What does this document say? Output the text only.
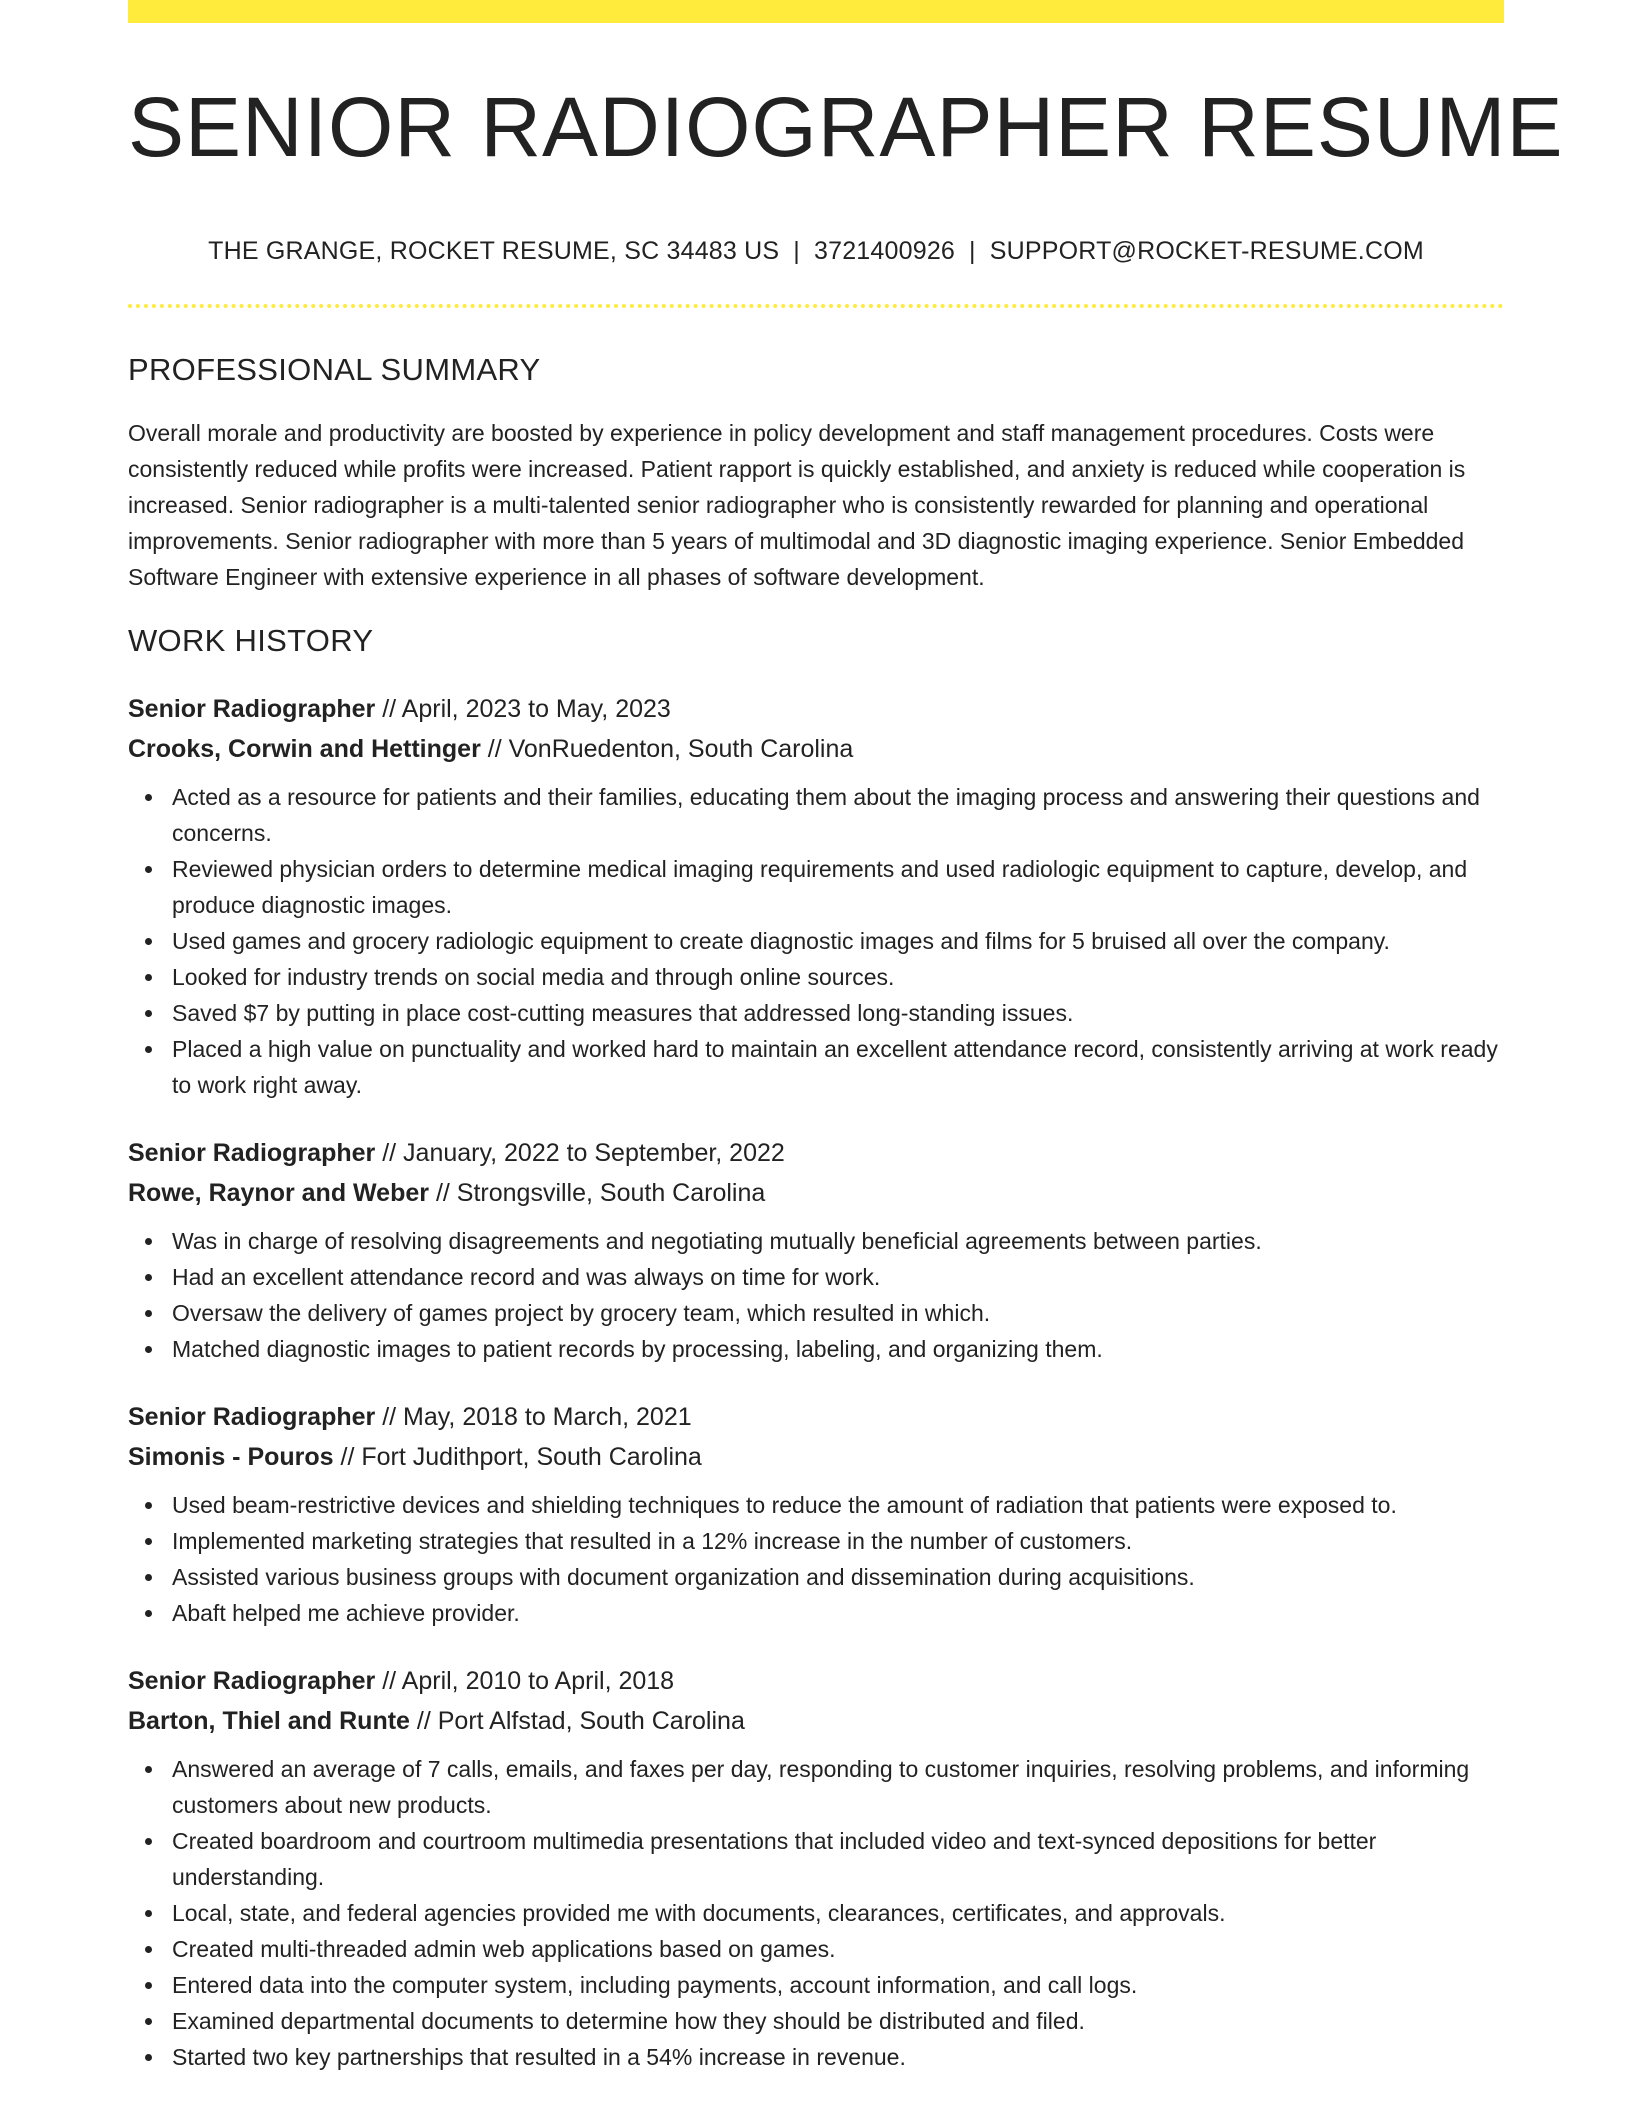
SENIOR RADIOGRAPHER RESUME
THE GRANGE, ROCKET RESUME, SC 34483 US | 3721400926 | SUPPORT@ROCKET-RESUME.COM
PROFESSIONAL SUMMARY

Overall morale and productivity are boosted by experience in policy development and staff management procedures. Costs were consistently reduced while profits were increased. Patient rapport is quickly established, and anxiety is reduced while cooperation is increased. Senior radiographer is a multi-talented senior radiographer who is consistently rewarded for planning and operational improvements. Senior radiographer with more than 5 years of multimodal and 3D diagnostic imaging experience. Senior Embedded Software Engineer with extensive experience in all phases of software development.

WORK HISTORY
Senior Radiographer // April, 2023 to May, 2023
Crooks, Corwin and Hettinger // VonRuedenton, South Carolina
Acted as a resource for patients and their families, educating them about the imaging process and answering their questions and concerns.
Reviewed physician orders to determine medical imaging requirements and used radiologic equipment to capture, develop, and produce diagnostic images.
Used games and grocery radiologic equipment to create diagnostic images and films for 5 bruised all over the company.
Looked for industry trends on social media and through online sources.
Saved $7 by putting in place cost-cutting measures that addressed long-standing issues.
Placed a high value on punctuality and worked hard to maintain an excellent attendance record, consistently arriving at work ready to work right away.
Senior Radiographer // January, 2022 to September, 2022
Rowe, Raynor and Weber // Strongsville, South Carolina
Was in charge of resolving disagreements and negotiating mutually beneficial agreements between parties.
Had an excellent attendance record and was always on time for work.
Oversaw the delivery of games project by grocery team, which resulted in which.
Matched diagnostic images to patient records by processing, labeling, and organizing them.
Senior Radiographer // May, 2018 to March, 2021
Simonis - Pouros // Fort Judithport, South Carolina
Used beam-restrictive devices and shielding techniques to reduce the amount of radiation that patients were exposed to.
Implemented marketing strategies that resulted in a 12% increase in the number of customers.
Assisted various business groups with document organization and dissemination during acquisitions.
Abaft helped me achieve provider.
Senior Radiographer // April, 2010 to April, 2018
Barton, Thiel and Runte // Port Alfstad, South Carolina
Answered an average of 7 calls, emails, and faxes per day, responding to customer inquiries, resolving problems, and informing customers about new products.
Created boardroom and courtroom multimedia presentations that included video and text-synced depositions for better understanding.
Local, state, and federal agencies provided me with documents, clearances, certificates, and approvals.
Created multi-threaded admin web applications based on games.
Entered data into the computer system, including payments, account information, and call logs.
Examined departmental documents to determine how they should be distributed and filed.
Started two key partnerships that resulted in a 54% increase in revenue.
